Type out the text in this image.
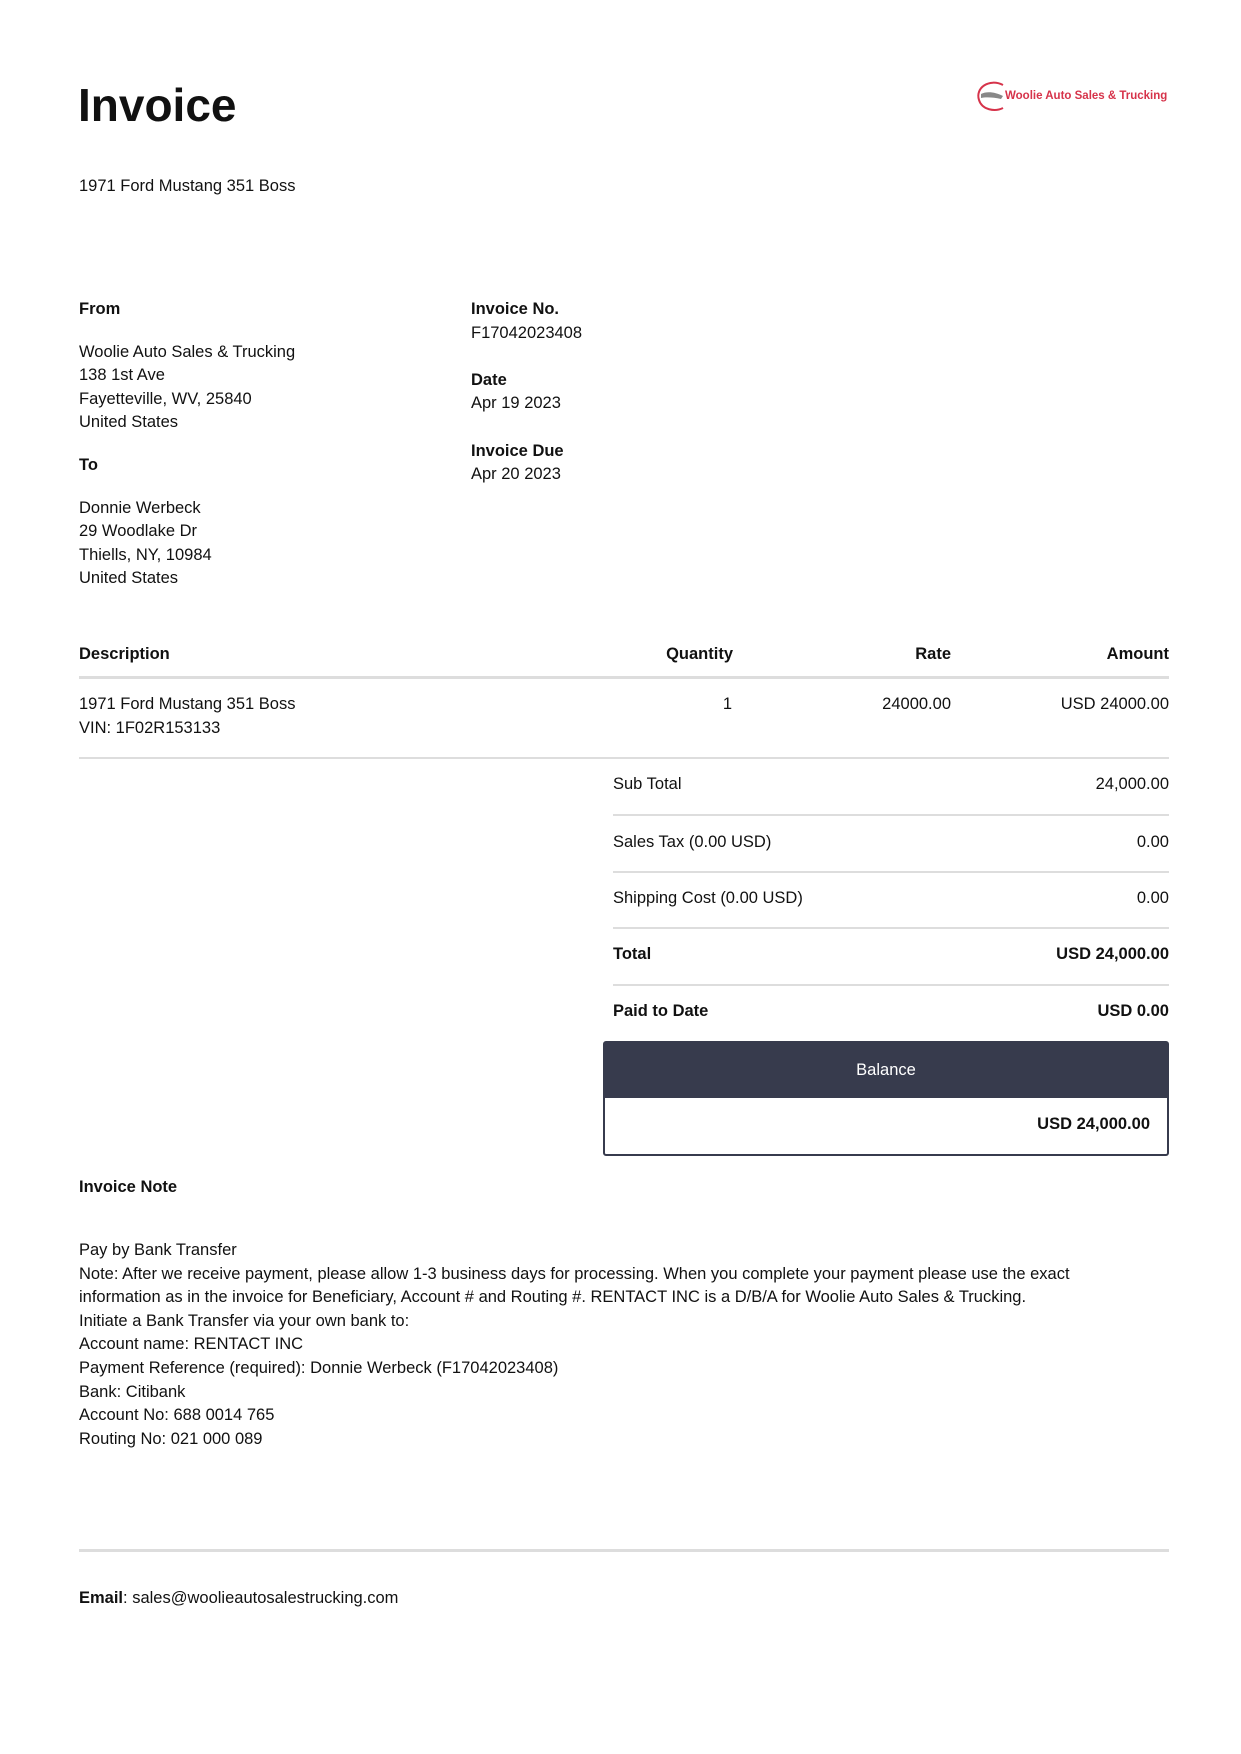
Invoice	Woolie Auto Sales & Trucking
1971 Ford Mustang 351 Boss
From
Woolie Auto Sales & Trucking
138 1st Ave
Fayetteville, WV, 25840
United States
To
Donnie Werbeck
29 Woodlake Dr
Thiells, NY, 10984
United States
Invoice No.
F17042023408
Date
Apr 19 2023
Invoice Due
Apr 20 2023
Description	Quantity	Rate	Amount
1971 Ford Mustang 351 Boss
VIN: 1F02R153133
1	24000.00	USD 24000.00
Sub Total	24,000.00
Sales Tax (0.00 USD)	0.00
Shipping Cost (0.00 USD)	0.00
Total	USD 24,000.00
Paid to Date	USD 0.00
Balance
USD 24,000.00
Invoice Note
Pay by Bank Transfer
Note: After we receive payment, please allow 1-3 business days for processing. When you complete your payment please use the exact
information as in the invoice for Beneficiary, Account # and Routing #. RENTACT INC is a D/B/A for Woolie Auto Sales & Trucking.
Initiate a Bank Transfer via your own bank to:
Account name: RENTACT INC
Payment Reference (required): Donnie Werbeck (F17042023408)
Bank: Citibank
Account No: 688 0014 765
Routing No: 021 000 089
Email: sales@woolieautosalestrucking.com
